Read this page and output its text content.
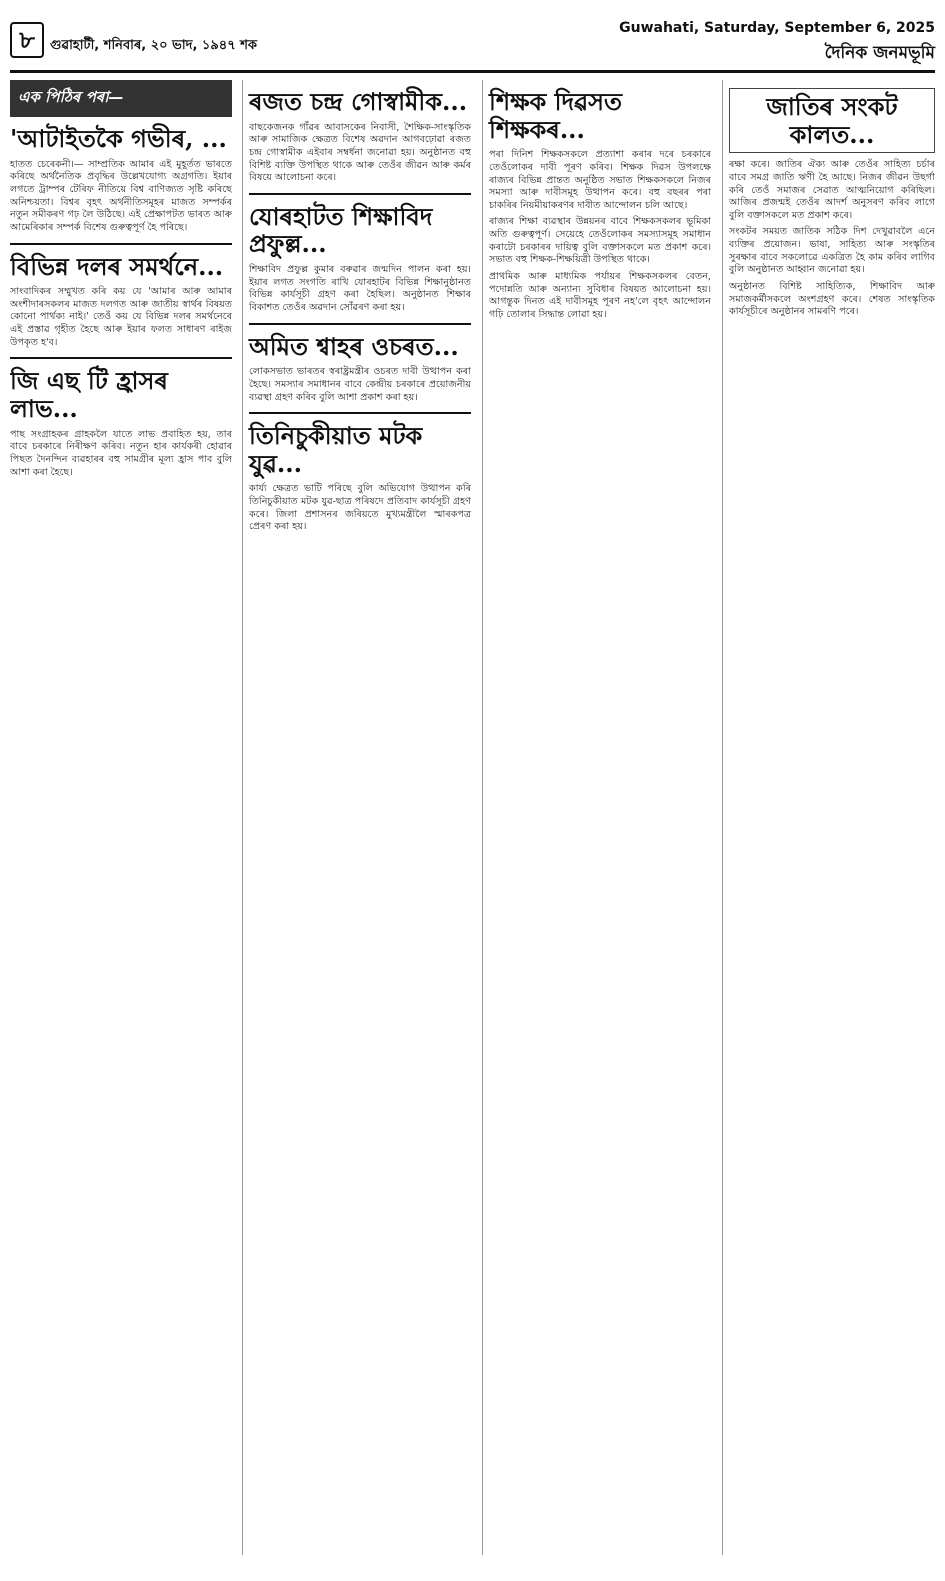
৮	গুৱাহাটী, শনিবাৰ, ২০ ভাদ, ১৯৪৭ শক
Guwahati, Saturday, September 6, 2025
দৈনিক জনমভূমি
এক পিঠিৰ পৰা—
'আটাইতকৈ গভীৰ, ...

হাতত চেৰেকনী।— সাম্প্ৰতিক আমাৰ এই মুহূৰ্তত ভাৰতে কৰিছে অৰ্থনৈতিক প্ৰবৃদ্ধিৰ উল্লেখযোগ্য অগ্ৰগতি। ইয়াৰ লগতে ট্ৰাম্পৰ টেৰিফ নীতিয়ে বিশ্ব বাণিজ্যত সৃষ্টি কৰিছে অনিশ্চয়তা। বিশ্বৰ বৃহৎ অৰ্থনীতিসমূহৰ মাজত সম্পৰ্কৰ নতুন সমীকৰণ গঢ় লৈ উঠিছে। এই প্ৰেক্ষাপটত ভাৰত আৰু আমেৰিকাৰ সম্পৰ্ক বিশেষ গুৰুত্বপূৰ্ণ হৈ পৰিছে।

বিভিন্ন দলৰ সমৰ্থনে...

সাংবাদিকৰ সম্মুখত কৰি কয় যে 'আমাৰ আৰু আমাৰ অংশীদাৰসকলৰ মাজত দলগত আৰু জাতীয় স্বাৰ্থৰ বিষয়ত কোনো পাৰ্থক্য নাই।' তেওঁ কয় যে বিভিন্ন দলৰ সমৰ্থনেৰে এই প্ৰস্তাৱ গৃহীত হৈছে আৰু ইয়াৰ ফলত সাধাৰণ ৰাইজ উপকৃত হ'ব।

জি এছ টি হ্ৰাসৰ লাভ...

পাছ সংগ্ৰাহকৰ গ্ৰাহকলৈ যাতে লাভ প্ৰবাহিত হয়, তাৰ বাবে চৰকাৰে নিৰীক্ষণ কৰিব। নতুন হাৰ কাৰ্যকৰী হোৱাৰ পিছত দৈনন্দিন ব্যৱহাৰৰ বহু সামগ্ৰীৰ মূল্য হ্ৰাস পাব বুলি আশা কৰা হৈছে।

ৰজত চন্দ্ৰ গোস্বামীক...

বাছকেজনক গাঁৱৰ আবাসকেৰ নিবাসী, শৈক্ষিক-সাংস্কৃতিক আৰু সামাজিক ক্ষেত্ৰত বিশেষ অৱদান আগবঢ়োৱা ৰজত চন্দ্ৰ গোস্বামীক এইবাৰ সম্বৰ্ধনা জনোৱা হয়। অনুষ্ঠানত বহু বিশিষ্ট ব্যক্তি উপস্থিত থাকে আৰু তেওঁৰ জীৱন আৰু কৰ্মৰ বিষয়ে আলোচনা কৰে।

যোৰহাটত শিক্ষাবিদ প্ৰফুল্ল...

শিক্ষাবিদ প্ৰফুল্ল কুমাৰ বৰুৱাৰ জন্মদিন পালন কৰা হয়। ইয়াৰ লগত সংগতি ৰাখি যোৰহাটৰ বিভিন্ন শিক্ষানুষ্ঠানত বিভিন্ন কাৰ্যসূচী গ্ৰহণ কৰা হৈছিল। অনুষ্ঠানত শিক্ষাৰ বিকাশত তেওঁৰ অৱদান সোঁৱৰণ কৰা হয়।

অমিত শ্বাহৰ ওচৰত...

লোকসভাত ভাৰতৰ স্বৰাষ্ট্ৰমন্ত্ৰীৰ ওচৰত দাবী উত্থাপন কৰা হৈছে। সমস্যাৰ সমাধানৰ বাবে কেন্দ্ৰীয় চৰকাৰে প্ৰয়োজনীয় ব্যৱস্থা গ্ৰহণ কৰিব বুলি আশা প্ৰকাশ কৰা হয়।

তিনিচুকীয়াত মটক যুৱ...

কাৰ্য্য ক্ষেত্ৰত ভাটি পৰিছে বুলি অভিযোগ উত্থাপন কৰি তিনিচুকীয়াত মটক যুৱ-ছাত্ৰ পৰিষদে প্ৰতিবাদ কাৰ্যসূচী গ্ৰহণ কৰে। জিলা প্ৰশাসনৰ জৰিয়তে মুখ্যমন্ত্ৰীলৈ স্মাৰকপত্ৰ প্ৰেৰণ কৰা হয়।

শিক্ষক দিৱসত শিক্ষকৰ...

পৰা দিনিশ শিক্ষকসকলে প্ৰত্যাশা কৰাৰ দৰে চৰকাৰে তেওঁলোকৰ দাবী পূৰণ কৰিব। শিক্ষক দিৱস উপলক্ষে ৰাজ্যৰ বিভিন্ন প্ৰান্তত অনুষ্ঠিত সভাত শিক্ষকসকলে নিজৰ সমস্যা আৰু দাবীসমূহ উত্থাপন কৰে। বহু বছৰৰ পৰা চাকৰিৰ নিয়মীয়াকৰণৰ দাবীত আন্দোলন চলি আছে।

ৰাজ্যৰ শিক্ষা ব্যৱস্থাৰ উন্নয়নৰ বাবে শিক্ষকসকলৰ ভূমিকা অতি গুৰুত্বপূৰ্ণ। সেয়েহে তেওঁলোকৰ সমস্যাসমূহ সমাধান কৰাটো চৰকাৰৰ দায়িত্ব বুলি বক্তাসকলে মত প্ৰকাশ কৰে। সভাত বহু শিক্ষক-শিক্ষয়িত্ৰী উপস্থিত থাকে।

প্ৰাথমিক আৰু মাধ্যমিক পৰ্যায়ৰ শিক্ষকসকলৰ বেতন, পদোন্নতি আৰু অন্যান্য সুবিধাৰ বিষয়ত আলোচনা হয়। আগন্তুক দিনত এই দাবীসমূহ পূৰণ নহ'লে বৃহৎ আন্দোলন গঢ়ি তোলাৰ সিদ্ধান্ত লোৱা হয়।

জাতিৰ সংকট কালত...

ৰক্ষা কৰে। জাতিৰ ঐক্য আৰু তেওঁৰ সাহিত্য চৰ্চাৰ বাবে সমগ্ৰ জাতি ঋণী হৈ আছে। নিজৰ জীৱন উছৰ্গা কৰি তেওঁ সমাজৰ সেৱাত আত্মনিয়োগ কৰিছিল। আজিৰ প্ৰজন্মই তেওঁৰ আদৰ্শ অনুসৰণ কৰিব লাগে বুলি বক্তাসকলে মত প্ৰকাশ কৰে।

সংকটৰ সময়ত জাতিক সঠিক দিশ দেখুৱাবলৈ এনে ব্যক্তিৰ প্ৰয়োজন। ভাষা, সাহিত্য আৰু সংস্কৃতিৰ সুৰক্ষাৰ বাবে সকলোৱে একত্ৰিত হৈ কাম কৰিব লাগিব বুলি অনুষ্ঠানত আহ্বান জনোৱা হয়।

অনুষ্ঠানত বিশিষ্ট সাহিত্যিক, শিক্ষাবিদ আৰু সমাজকৰ্মীসকলে অংশগ্ৰহণ কৰে। শেষত সাংস্কৃতিক কাৰ্যসূচীৰে অনুষ্ঠানৰ সামৰণি পৰে।
